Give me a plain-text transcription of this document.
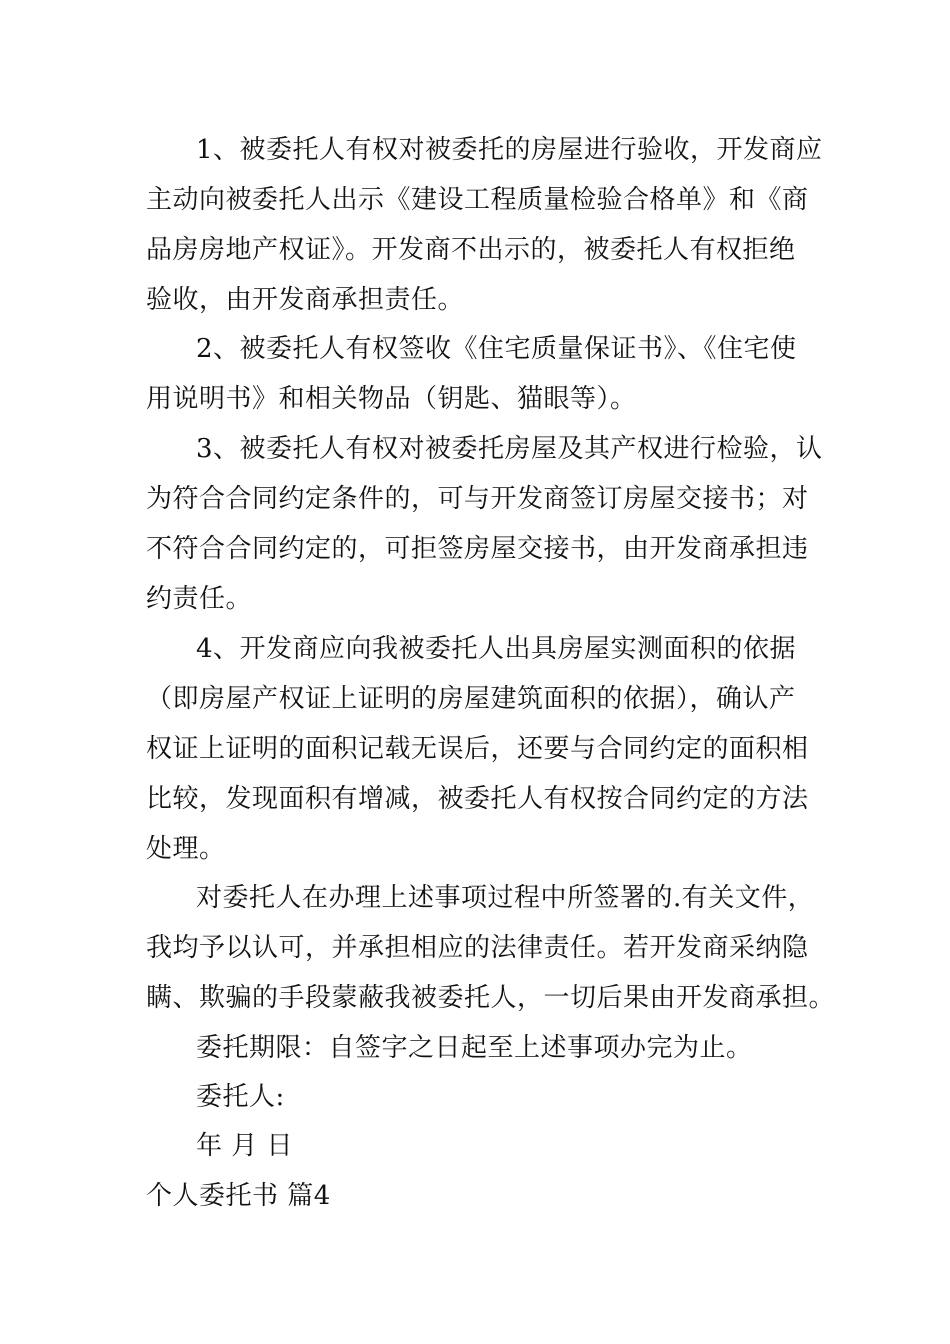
1、被委托人有权对被委托的房屋进行验收，开发商应
主动向被委托人出示《建设工程质量检验合格单》和《商
品房房地产权证》。开发商不出示的，被委托人有权拒绝
验收，由开发商承担责任。
2、被委托人有权签收《住宅质量保证书》、《住宅使
用说明书》和相关物品（钥匙、猫眼等）。
3、被委托人有权对被委托房屋及其产权进行检验，认
为符合合同约定条件的，可与开发商签订房屋交接书；对
不符合合同约定的，可拒签房屋交接书，由开发商承担违
约责任。
4、开发商应向我被委托人出具房屋实测面积的依据
（即房屋产权证上证明的房屋建筑面积的依据），确认产
权证上证明的面积记载无误后，还要与合同约定的面积相
比较，发现面积有增减，被委托人有权按合同约定的方法
处理。
对委托人在办理上述事项过程中所签署的.有关文件，
我均予以认可，并承担相应的法律责任。若开发商采纳隐
瞒、欺骗的手段蒙蔽我被委托人，一切后果由开发商承担。
委托期限：自签字之日起至上述事项办完为止。
委托人:
年 月 日
个人委托书 篇4
